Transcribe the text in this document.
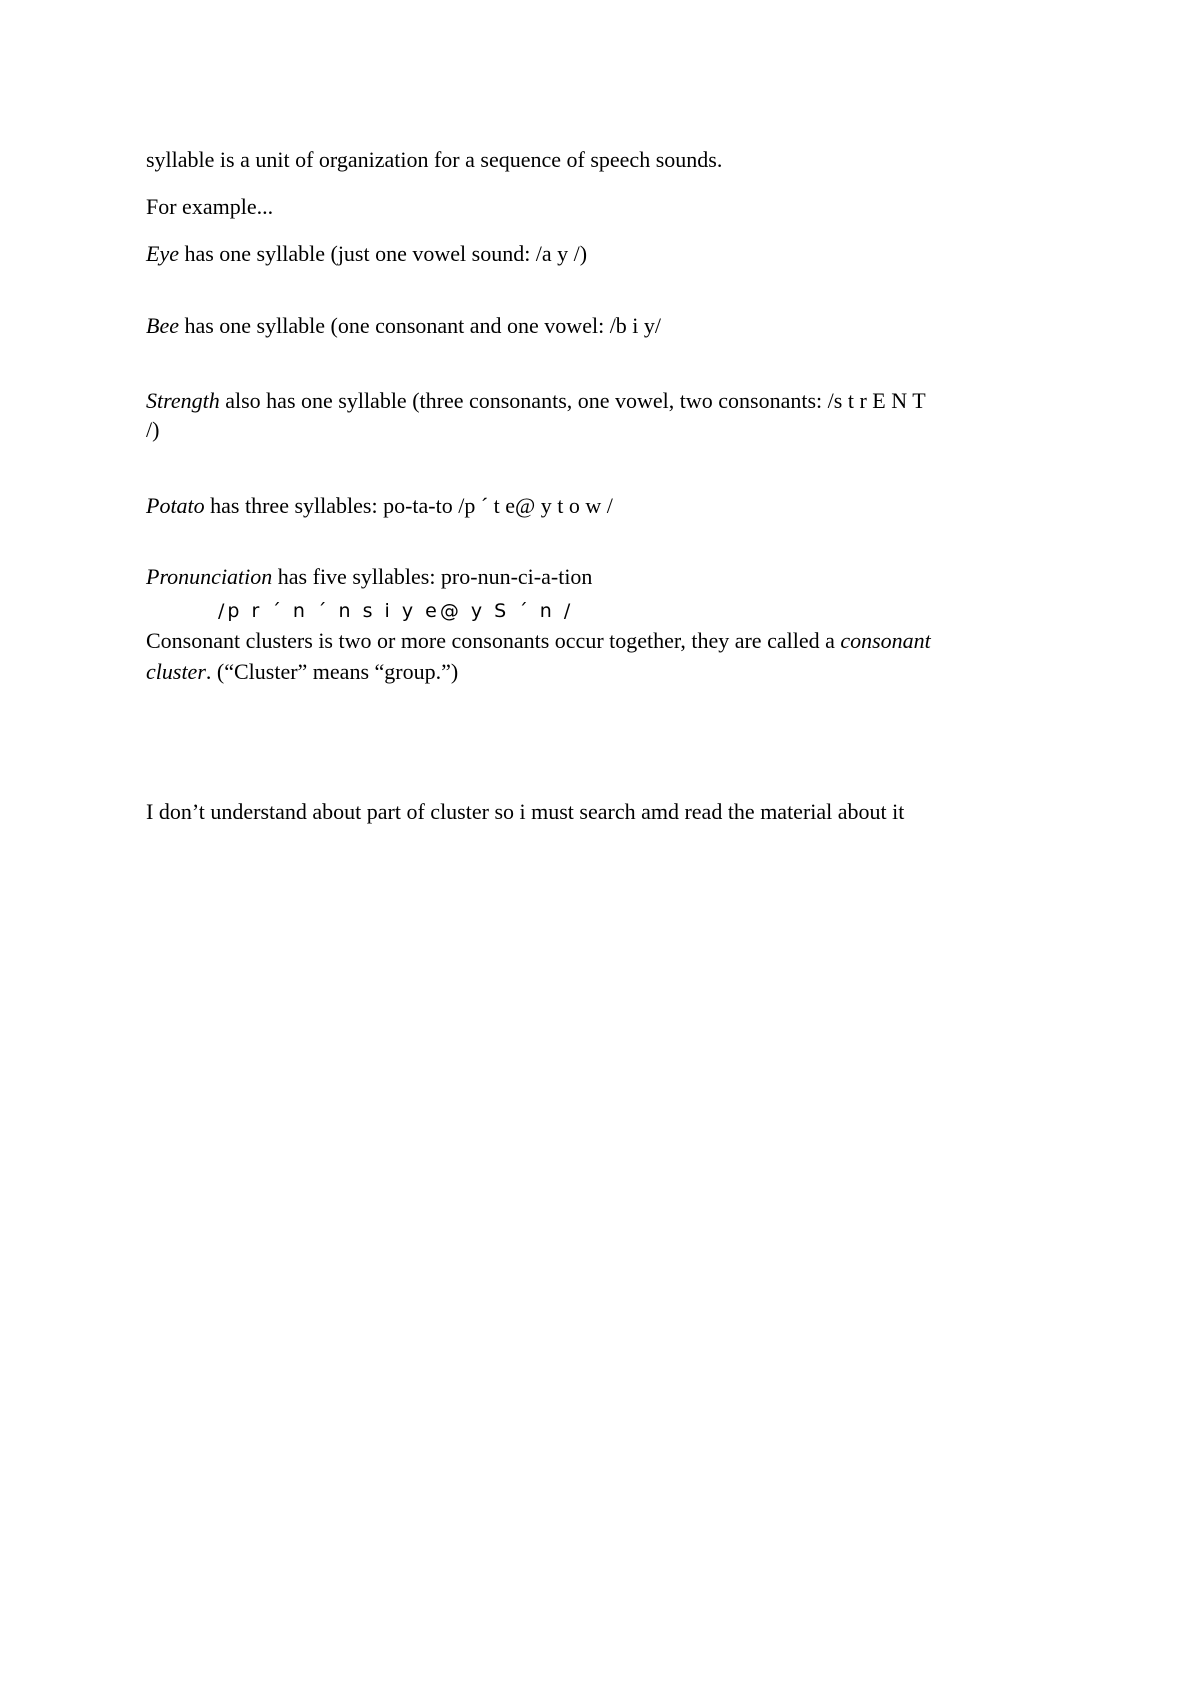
syllable is a unit of organization for a sequence of speech sounds.
For example...
Eye has one syllable (just one vowel sound: /a y /)
Bee has one syllable (one consonant and one vowel: /b i y/
Strength also has one syllable (three consonants, one vowel, two consonants: /s t r E N T
/)
Potato has three syllables: po-ta-to /p ´ t e@ y t o w /
Pronunciation has five syllables: pro-nun-ci-a-tion
/p r ´ n ´ n s i y e@ y S ´ n /
Consonant clusters is two or more consonants occur together, they are called a consonant
cluster. (“Cluster” means “group.”)
I don’t understand about part of cluster so i must search amd read the material about it
